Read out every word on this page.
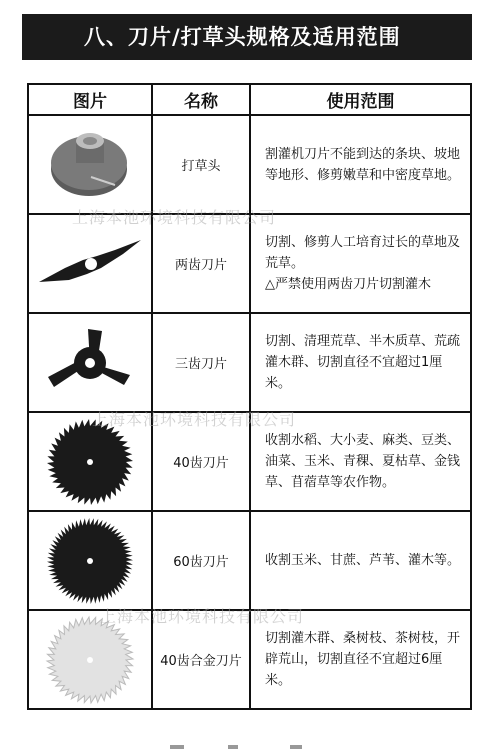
八、刀片/打草头规格及适用范围
图片	名称	使用范围

	打草头	割灌机刀片不能到达的条块、坡地等地形、修剪嫩草和中密度草地。

	两齿刀片	切割、修剪人工培育过长的草地及荒草。
△严禁使用两齿刀片切割灌木

	三齿刀片	切割、清理荒草、半木质草、荒疏灌木群、切割直径不宜超过1厘米。

	40齿刀片	收割水稻、大小麦、麻类、豆类、油菜、玉米、青稞、夏枯草、金钱草、苜蓿草等农作物。

	60齿刀片	收割玉米、甘蔗、芦苇、灌木等。

	40齿合金刀片	切割灌木群、桑树枝、茶树枝，开辟荒山，切割直径不宜超过6厘米。
上海本池环境科技有限公司
上海本池环境科技有限公司
上海本池环境科技有限公司
